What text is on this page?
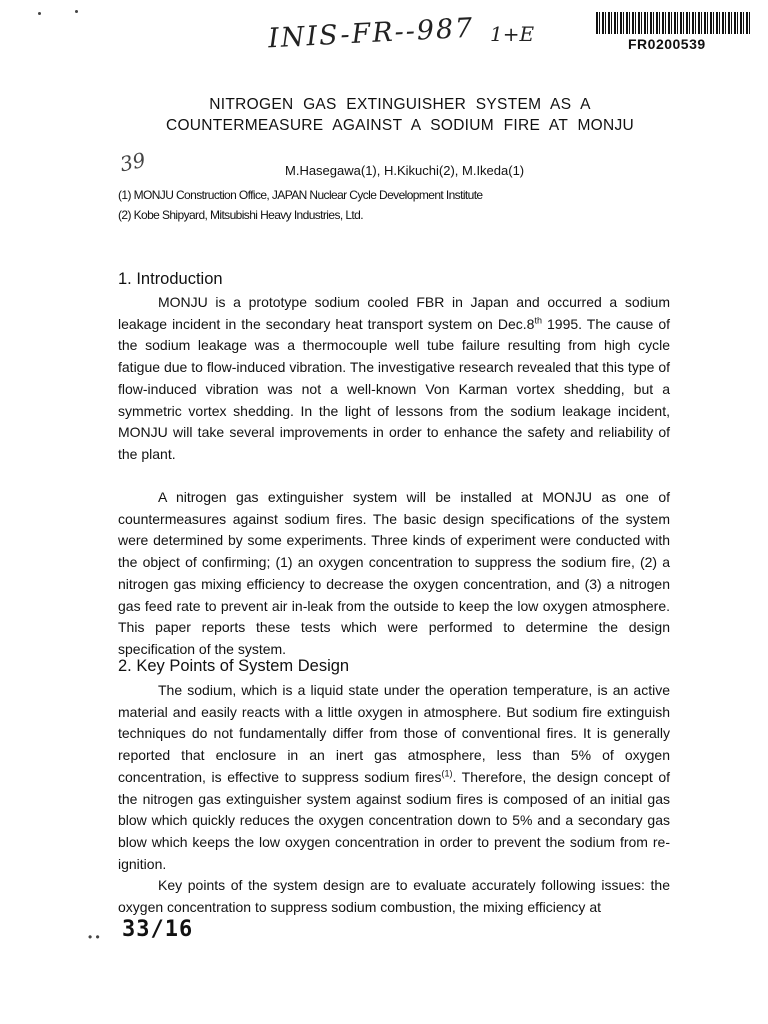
INIS-FR--987 1+E	FR0200539
NITROGEN GAS EXTINGUISHER SYSTEM AS A
COUNTERMEASURE AGAINST A SODIUM FIRE AT MONJU
39	M.Hasegawa(1), H.Kikuchi(2), M.Ikeda(1)
(1) MONJU Construction Office, JAPAN Nuclear Cycle Development Institute
(2) Kobe Shipyard, Mitsubishi Heavy Industries, Ltd.
1. Introduction

MONJU is a prototype sodium cooled FBR in Japan and occurred a sodium leakage incident in the secondary heat transport system on Dec.8th 1995. The cause of the sodium leakage was a thermocouple well tube failure resulting from high cycle fatigue due to flow-induced vibration. The investigative research revealed that this type of flow-induced vibration was not a well-known Von Karman vortex shedding, but a symmetric vortex shedding. In the light of lessons from the sodium leakage incident, MONJU will take several improvements in order to enhance the safety and reliability of the plant.

A nitrogen gas extinguisher system will be installed at MONJU as one of countermeasures against sodium fires. The basic design specifications of the system were determined by some experiments. Three kinds of experiment were conducted with the object of confirming; (1) an oxygen concentration to suppress the sodium fire, (2) a nitrogen gas mixing efficiency to decrease the oxygen concentration, and (3) a nitrogen gas feed rate to prevent air in-leak from the outside to keep the low oxygen atmosphere. This paper reports these tests which were performed to determine the design specification of the system.

2. Key Points of System Design

The sodium, which is a liquid state under the operation temperature, is an active material and easily reacts with a little oxygen in atmosphere. But sodium fire extinguish techniques do not fundamentally differ from those of conventional fires. It is generally reported that enclosure in an inert gas atmosphere, less than 5% of oxygen concentration, is effective to suppress sodium fires$^{(1)}$. Therefore, the design concept of the nitrogen gas extinguisher system against sodium fires is composed of an initial gas blow which quickly reduces the oxygen concentration down to 5% and a secondary gas blow which keeps the low oxygen concentration in order to prevent the sodium from re-ignition.

Key points of the system design are to evaluate accurately following issues: the oxygen concentration to suppress sodium combustion, the mixing efficiency at

• • 33/16
